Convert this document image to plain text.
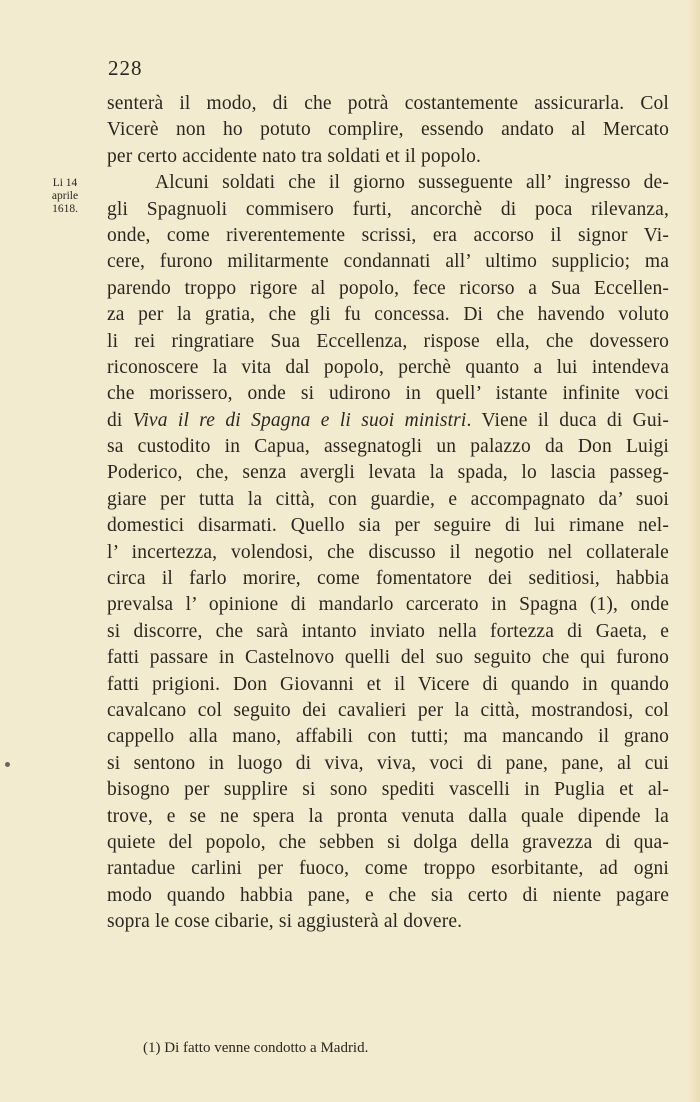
228
Li 14
aprile
1618.
senterà il modo, di che potrà costantemente assicurarla. Col
Vicerè non ho potuto complire, essendo andato al Mercato
per certo accidente nato tra soldati et il popolo.
Alcuni soldati che il giorno susseguente all’ ingresso de-
gli Spagnuoli commisero furti, ancorchè di poca rilevanza,
onde, come riverentemente scrissi, era accorso il signor Vi-
cere, furono militarmente condannati all’ ultimo supplicio; ma
parendo troppo rigore al popolo, fece ricorso a Sua Eccellen-
za per la gratia, che gli fu concessa. Di che havendo voluto
li rei ringratiare Sua Eccellenza, rispose ella, che dovessero
riconoscere la vita dal popolo, perchè quanto a lui intendeva
che morissero, onde si udirono in quell’ istante infinite voci
di Viva il re di Spagna e li suoi ministri. Viene il duca di Gui-
sa custodito in Capua, assegnatogli un palazzo da Don Luigi
Poderico, che, senza avergli levata la spada, lo lascia passeg-
giare per tutta la città, con guardie, e accompagnato da’ suoi
domestici disarmati. Quello sia per seguire di lui rimane nel-
l’ incertezza, volendosi, che discusso il negotio nel collaterale
circa il farlo morire, come fomentatore dei seditiosi, habbia
prevalsa l’ opinione di mandarlo carcerato in Spagna (1), onde
si discorre, che sarà intanto inviato nella fortezza di Gaeta, e
fatti passare in Castelnovo quelli del suo seguito che qui furono
fatti prigioni. Don Giovanni et il Vicere di quando in quando
cavalcano col seguito dei cavalieri per la città, mostrandosi, col
cappello alla mano, affabili con tutti; ma mancando il grano
si sentono in luogo di viva, viva, voci di pane, pane, al cui
bisogno per supplire si sono spediti vascelli in Puglia et al-
trove, e se ne spera la pronta venuta dalla quale dipende la
quiete del popolo, che sebben si dolga della gravezza di qua-
rantadue carlini per fuoco, come troppo esorbitante, ad ogni
modo quando habbia pane, e che sia certo di niente pagare
sopra le cose cibarie, si aggiusterà al dovere.
(1) Di fatto venne condotto a Madrid.
